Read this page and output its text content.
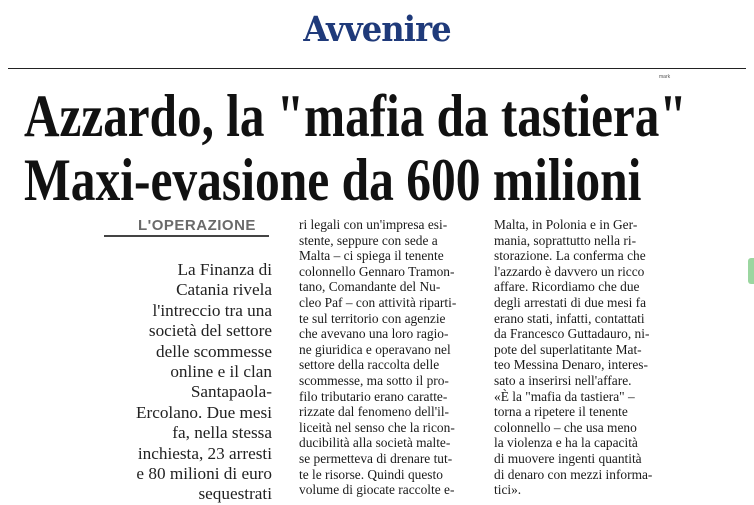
Avvenire
mark
Azzardo, la "mafia da tastiera"
Maxi-evasione da 600 milioni
L'OPERAZIONE

La Finanza di
Catania rivela
l'intreccio tra una
società del settore
delle scommesse
online e il clan
Santapaola-
Ercolano. Due mesi
fa, nella stessa
inchiesta, 23 arresti
e 80 milioni di euro
sequestrati

ri legali con un'impresa esi-
stente, seppure con sede a
Malta – ci spiega il tenente
colonnello Gennaro Tramon-
tano, Comandante del Nu-
cleo Paf – con attività riparti-
te sul territorio con agenzie
che avevano una loro ragio-
ne giuridica e operavano nel
settore della raccolta delle
scommesse, ma sotto il pro-
filo tributario erano caratte-
rizzate dal fenomeno dell'il-
liceità nel senso che la ricon-
ducibilità alla società malte-
se permetteva di drenare tut-
te le risorse. Quindi questo
volume di giocate raccolte e-

Malta, in Polonia e in Ger-
mania, soprattutto nella ri-
storazione. La conferma che
l'azzardo è davvero un ricco
affare. Ricordiamo che due
degli arrestati di due mesi fa
erano stati, infatti, contattati
da Francesco Guttadauro, ni-
pote del superlatitante Mat-
teo Messina Denaro, interes-
sato a inserirsi nell'affare.
«È la "mafia da tastiera" –
torna a ripetere il tenente
colonnello – che usa meno
la violenza e ha la capacità
di muovere ingenti quantità
di denaro con mezzi informa-
tici».
